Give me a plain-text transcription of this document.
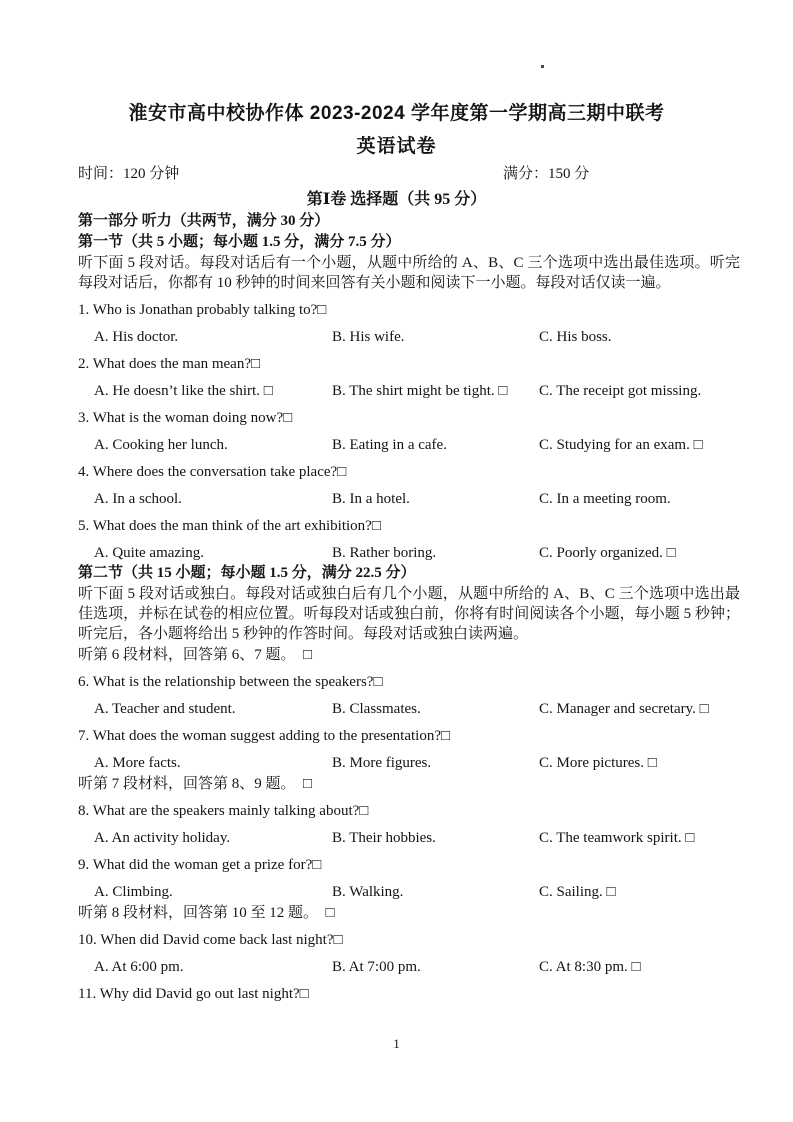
淮安市高中校协作体 2023-2024 学年度第一学期高三期中联考
英语试卷
时间：120 分钟	满分：150 分
第Ⅰ卷 选择题（共 95 分）
第一部分 听力（共两节，满分 30 分）
第一节（共 5 小题；每小题 1.5 分，满分 7.5 分）

听下面 5 段对话。每段对话后有一个小题，从题中所给的 A、B、C 三个选项中选出最佳选项。听完每段对话后，你都有 10 秒钟的时间来回答有关小题和阅读下一小题。每段对话仅读一遍。

1. Who is Jonathan probably talking to?□
A. His doctor.	B. His wife.	C. His boss.
2. What does the man mean?□
A. He doesn’t like the shirt. □	B. The shirt might be tight. □	C. The receipt got missing.
3. What is the woman doing now?□
A. Cooking her lunch.	B. Eating in a cafe.	C. Studying for an exam. □
4. Where does the conversation take place?□
A. In a school.	B. In a hotel.	C. In a meeting room.
5. What does the man think of the art exhibition?□
A. Quite amazing.	B. Rather boring.	C. Poorly organized. □
第二节（共 15 小题；每小题 1.5 分，满分 22.5 分）

听下面 5 段对话或独白。每段对话或独白后有几个小题，从题中所给的 A、B、C 三个选项中选出最佳选项，并标在试卷的相应位置。听每段对话或独白前，你将有时间阅读各个小题，每小题 5 秒钟；听完后，各小题将给出 5 秒钟的作答时间。每段对话或独白读两遍。

听第 6 段材料，回答第 6、7 题。　□
6. What is the relationship between the speakers?□
A. Teacher and student.	B. Classmates.	C. Manager and secretary. □
7. What does the woman suggest adding to the presentation?□
A. More facts.	B. More figures.	C. More pictures. □
听第 7 段材料，回答第 8、9 题。　□
8. What are the speakers mainly talking about?□
A. An activity holiday.	B. Their hobbies.	C. The teamwork spirit. □
9. What did the woman get a prize for?□
A. Climbing.	B. Walking.	C. Sailing. □
听第 8 段材料，回答第 10 至 12 题。　□
10. When did David come back last night?□
A. At 6:00 pm.	B. At 7:00 pm.	C. At 8:30 pm. □
11. Why did David go out last night?□
1
